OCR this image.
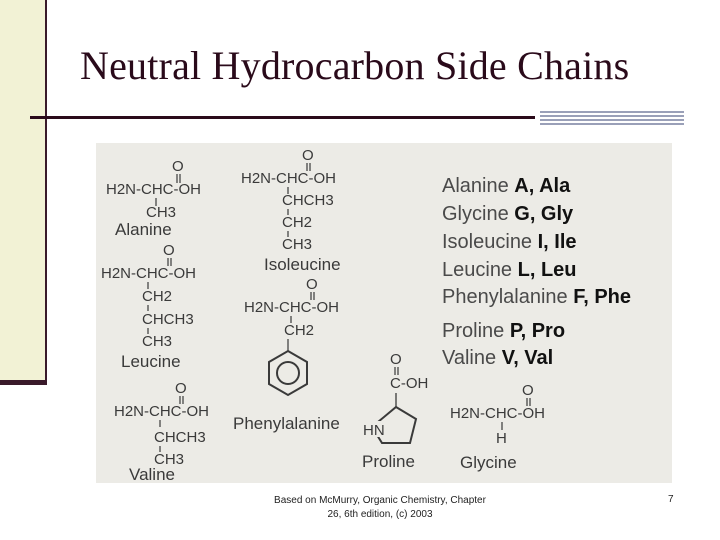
Neutral Hydrocarbon Side Chains
O
H2N-CHC-OH
CH3
Alanine
O
H2N-CHC-OH
CHCH3
CH2
CH3
Isoleucine
O
H2N-CHC-OH
CH2
CHCH3
CH3
Leucine
O
H2N-CHC-OH
CH2
Phenylalanine
O
H2N-CHC-OH
CHCH3
CH3
Valine
O
C-OH
HN
Proline
O
H2N-CHC-OH
H
Glycine
Alanine A, Ala
Glycine G, Gly
Isoleucine I, Ile
Leucine L, Leu
Phenylalanine F, Phe
Proline P, Pro
Valine V, Val
Based on McMurry, Organic Chemistry, Chapter
26, 6th edition, (c) 2003
7
